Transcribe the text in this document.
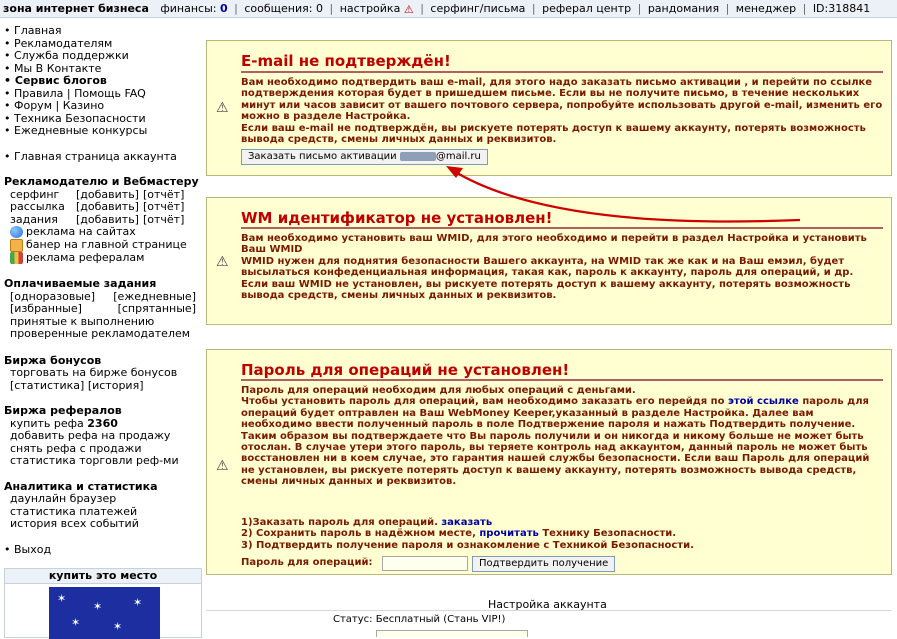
зона интернет бизнеса финансы: 0 | сообщения: 0 | настройка ⚠ | серфинг/письма | реферал центр | рандомания | менеджер | ID:318841
• Главная
• Рекламодателям
• Служба поддержки
• Мы В Контакте
• Сервис блогов
• Правила | Помощь FAQ
• Форум | Казино
• Техника Безопасности
• Ежедневные конкурсы
• Главная страница аккаунта
Рекламодателю и Вебмастеру
серфинг	[добавить] [отчёт]
рассылка	[добавить] [отчёт]
задания	[добавить] [отчёт]
реклама на сайтах
банер на главной странице
реклама рефералам
Оплачиваемые задания
[одноразовые] [ежедневные]
[избранные]	[спрятанные]
принятые к выполнению
проверенные рекламодателем
Биржа бонусов
торговать на бирже бонусов
[статистика] [история]
Биржа рефералов
купить рефа 2360
добавить рефа на продажу
снять рефа с продажи
статистика торговли реф-ми
Аналитика и статистика
даунлайн браузер
статистика платежей
история всех событий
• Выход
купить это место
✶
✶
✶
✶
✶
E-mail не подтверждён!
⚠
Вам необходимо подтвердить ваш e-mail, для этого надо заказать письмо активации , и перейти по ссылке подтверждения которая будет в пришедшем письме. Если вы не получите письмо, в течение нескольких минут или часов зависит от вашего почтового сервера, попробуйте использовать другой e-mail, изменить его можно в разделе Настройка.
Если ваш e-mail не подтверждён, вы рискуете потерять доступ к вашему аккаунту, потерять возможность вывода средств, смены личных данных и реквизитов.
Заказать письмо активации	@mail.ru
WM идентификатор не установлен!
⚠
Вам необходимо установить ваш WMID, для этого необходимо и перейти в раздел Настройка и установить Ваш WMID
WMID нужен для поднятия безопасности Вашего аккаунта, на WMID так же как и на Ваш емэил, будет высылаться конфеденциальная информация, такая как, пароль к аккаунту, пароль для операций, и др.
Если ваш WMID не установлен, вы рискуете потерять доступ к вашему аккаунту, потерять возможность вывода средств, смены личных данных и реквизитов.
Пароль для операций не установлен!
⚠
Пароль для операций необходим для любых операций с деньгами.
Чтобы установить пароль для операций, вам необходимо заказать его перейдя по этой ссылке пароль для операций будет оптравлен на Ваш WebMoney Keeper,указанный в разделе Настройка. Далее вам необходимо ввести полученный пароль в поле Подтвержение пароля и нажать Подтвердить получение. Таким образом вы подтверждаете что Вы пароль получили и он никогда и никому больше не может быть отослан. В случае утери этого пароль, вы теряете контроль над аккаунтом, данный пароль не может быть восстановлен ни в коем случае, это гарантия нашей службы безопасности. Если ваш Пароль для операций не установлен, вы рискуете потерять доступ к вашему аккаунту, потерять возможность вывода средств, смены личных данных и реквизитов.
1)Заказать пароль для операций. заказать
2) Сохранить пароль в надёжном месте, прочитать Технику Безопасности.
3) Подтвердить получение пароля и ознакомление с Техникой Безопасности.
Пароль для операций:	Подтвердить получение
Настройка аккаунта
Статус: Бесплатный (Стань VIP!)
